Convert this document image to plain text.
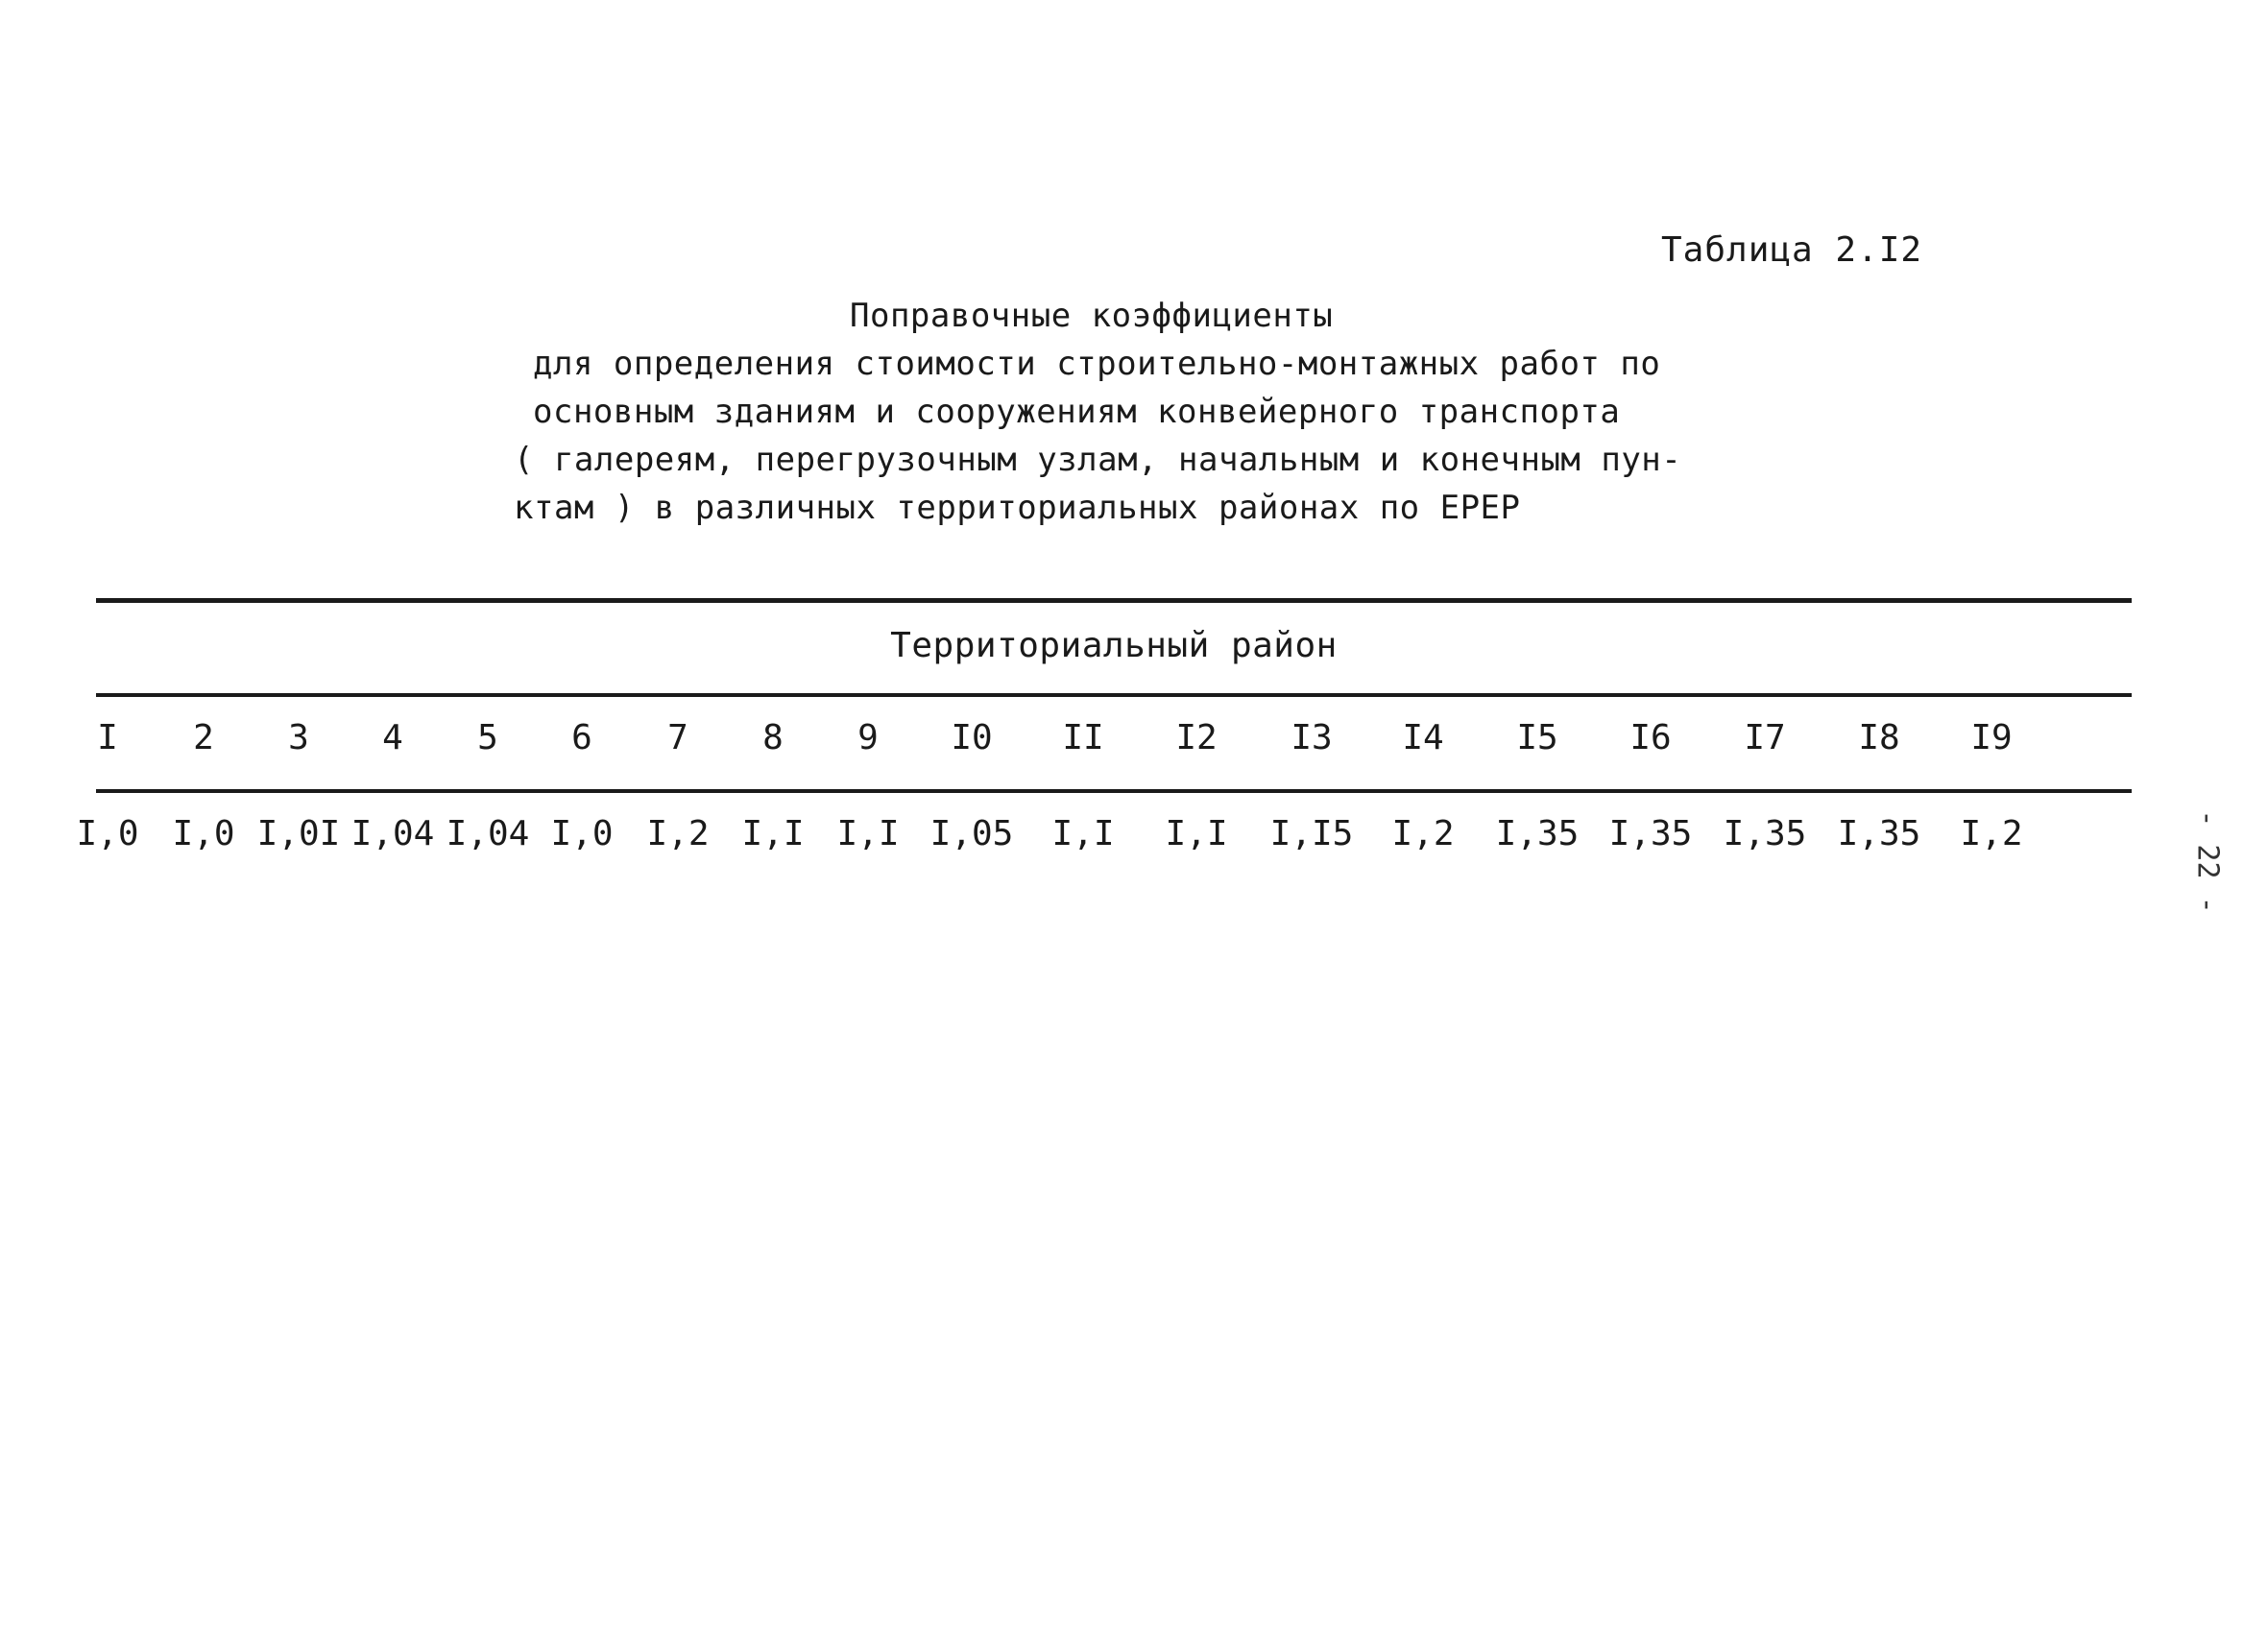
Таблица 2.I2
Поправочные коэффициенты
для определения стоимости строительно-монтажных работ по
основным зданиям и сооружениям конвейерного транспорта
( галереям, перегрузочным узлам, начальным и конечным пун-
ктам ) в различных территориальных районах по ЕРЕР
Территориальный район
I 2 3 4 5 6 7 8 9 I0 II I2 I3 I4 I5 I6 I7 I8 I9
I,0 I,0 I,0I I,04 I,04 I,0 I,2 I,I I,I I,05 I,I I,I I,I5 I,2 I,35 I,35 I,35 I,35 I,2	- 22 -
